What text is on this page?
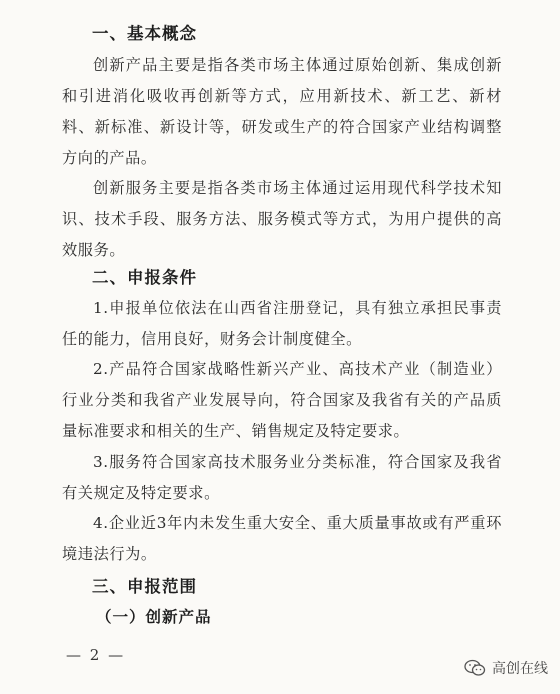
一、基本概念
创新产品主要是指各类市场主体通过原始创新、集成创新和引进消化吸收再创新等方式，应用新技术、新工艺、新材料、新标准、新设计等，研发或生产的符合国家产业结构调整方向的产品。
创新服务主要是指各类市场主体通过运用现代科学技术知识、技术手段、服务方法、服务模式等方式，为用户提供的高效服务。
二、申报条件
1.申报单位依法在山西省注册登记，具有独立承担民事责任的能力，信用良好，财务会计制度健全。
2.产品符合国家战略性新兴产业、高技术产业（制造业）行业分类和我省产业发展导向，符合国家及我省有关的产品质量标准要求和相关的生产、销售规定及特定要求。
3.服务符合国家高技术服务业分类标准，符合国家及我省有关规定及特定要求。
4.企业近3年内未发生重大安全、重大质量事故或有严重环境违法行为。
三、申报范围
（一）创新产品
— 2 —
高创在线
